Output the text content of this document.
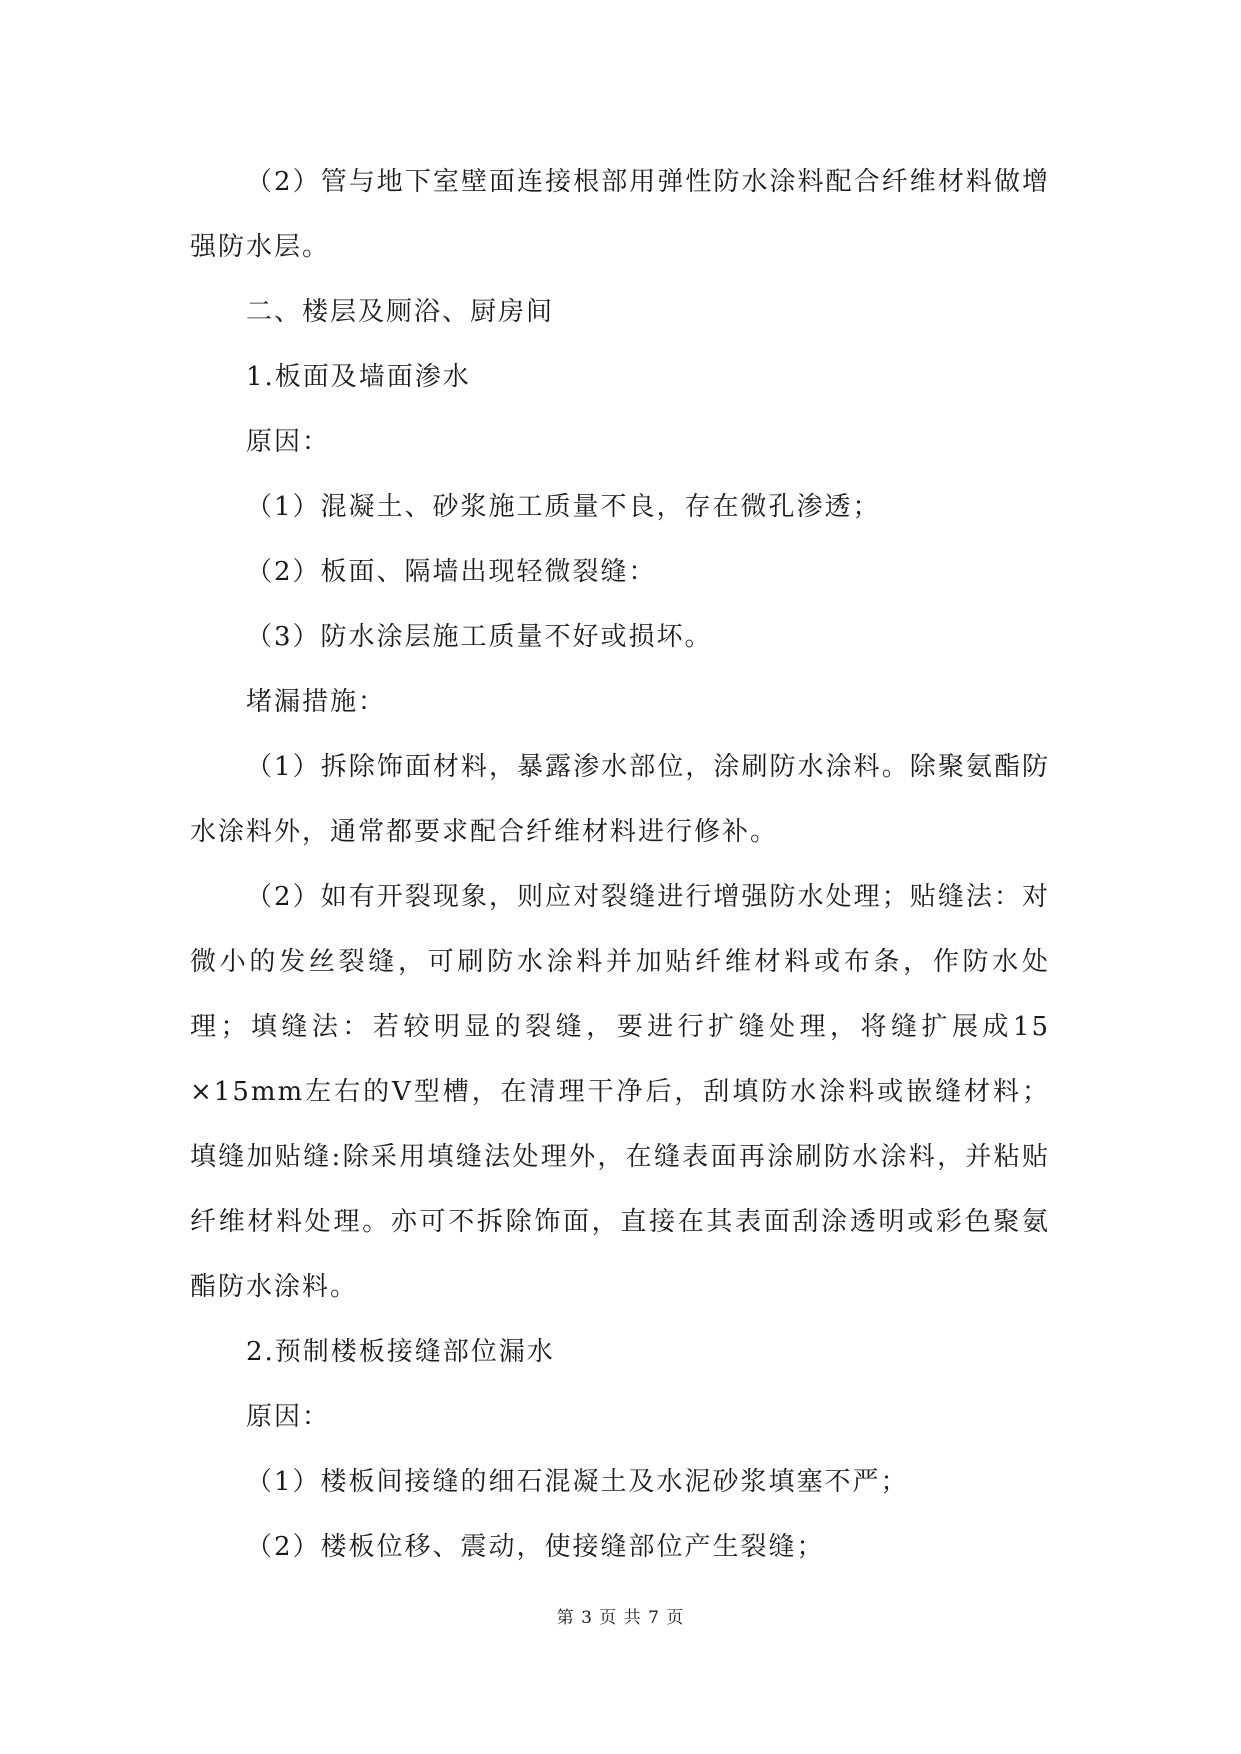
（2）管与地下室壁面连接根部用弹性防水涂料配合纤维材料做增强防水层。

二、楼层及厕浴、厨房间

1.板面及墙面渗水

原因：

（1）混凝土、砂浆施工质量不良，存在微孔渗透；

（2）板面、隔墙出现轻微裂缝：

（3）防水涂层施工质量不好或损坏。

堵漏措施：

（1）拆除饰面材料，暴露渗水部位，涂刷防水涂料。除聚氨酯防水涂料外，通常都要求配合纤维材料进行修补。

（2）如有开裂现象，则应对裂缝进行增强防水处理；贴缝法：对微小的发丝裂缝，可刷防水涂料并加贴纤维材料或布条，作防水处理；填缝法：若较明显的裂缝，要进行扩缝处理，将缝扩展成15 ×15mm左右的V型槽，在清理干净后，刮填防水涂料或嵌缝材料；填缝加贴缝:除采用填缝法处理外，在缝表面再涂刷防水涂料，并粘贴纤维材料处理。亦可不拆除饰面，直接在其表面刮涂透明或彩色聚氨酯防水涂料。

2.预制楼板接缝部位漏水

原因：

（1）楼板间接缝的细石混凝土及水泥砂浆填塞不严；

（2）楼板位移、震动，使接缝部位产生裂缝；

第 3 页 共 7 页
